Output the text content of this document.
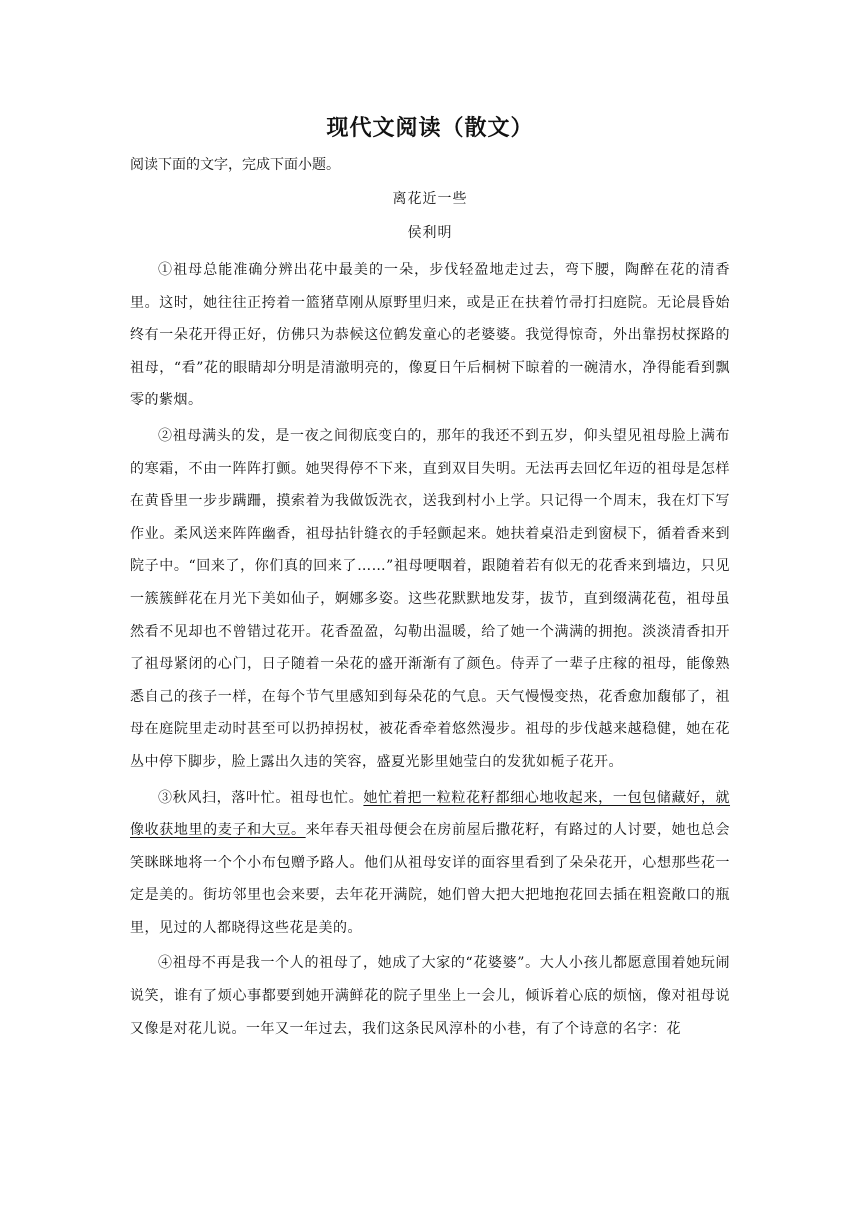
现代文阅读（散文）
阅读下面的文字，完成下面小题。
离花近一些
侯利明

①祖母总能准确分辨出花中最美的一朵，步伐轻盈地走过去，弯下腰，陶醉在花的清香里。这时，她往往正挎着一篮猪草刚从原野里归来，或是正在扶着竹帚打扫庭院。无论晨昏始终有一朵花开得正好，仿佛只为恭候这位鹤发童心的老婆婆。我觉得惊奇，外出靠拐杖探路的祖母，“看”花的眼睛却分明是清澈明亮的，像夏日午后桐树下晾着的一碗清水，净得能看到飘零的紫烟。

②祖母满头的发，是一夜之间彻底变白的，那年的我还不到五岁，仰头望见祖母脸上满布的寒霜，不由一阵阵打颤。她哭得停不下来，直到双目失明。无法再去回忆年迈的祖母是怎样在黄昏里一步步蹒跚，摸索着为我做饭洗衣，送我到村小上学。只记得一个周末，我在灯下写作业。柔风送来阵阵幽香，祖母拈针缝衣的手轻颤起来。她扶着桌沿走到窗棂下，循着香来到院子中。“回来了，你们真的回来了……”祖母哽咽着，跟随着若有似无的花香来到墙边，只见一簇簇鲜花在月光下美如仙子，婀娜多姿。这些花默默地发芽，拔节，直到缀满花苞，祖母虽然看不见却也不曾错过花开。花香盈盈，勾勒出温暖，给了她一个满满的拥抱。淡淡清香扣开了祖母紧闭的心门，日子随着一朵花的盛开渐渐有了颜色。侍弄了一辈子庄稼的祖母，能像熟悉自己的孩子一样，在每个节气里感知到每朵花的气息。天气慢慢变热，花香愈加馥郁了，祖母在庭院里走动时甚至可以扔掉拐杖，被花香牵着悠然漫步。祖母的步伐越来越稳健，她在花丛中停下脚步，脸上露出久违的笑容，盛夏光影里她莹白的发犹如栀子花开。

③秋风扫，落叶忙。祖母也忙。她忙着把一粒粒花籽都细心地收起来，一包包储藏好，就像收获地里的麦子和大豆。来年春天祖母便会在房前屋后撒花籽，有路过的人讨要，她也总会笑眯眯地将一个个小布包赠予路人。他们从祖母安详的面容里看到了朵朵花开，心想那些花一定是美的。街坊邻里也会来要，去年花开满院，她们曾大把大把地抱花回去插在粗瓷敞口的瓶里，见过的人都晓得这些花是美的。

④祖母不再是我一个人的祖母了，她成了大家的“花婆婆”。大人小孩儿都愿意围着她玩闹说笑，谁有了烦心事都要到她开满鲜花的院子里坐上一会儿，倾诉着心底的烦恼，像对祖母说又像是对花儿说。一年又一年过去，我们这条民风淳朴的小巷，有了个诗意的名字：花
